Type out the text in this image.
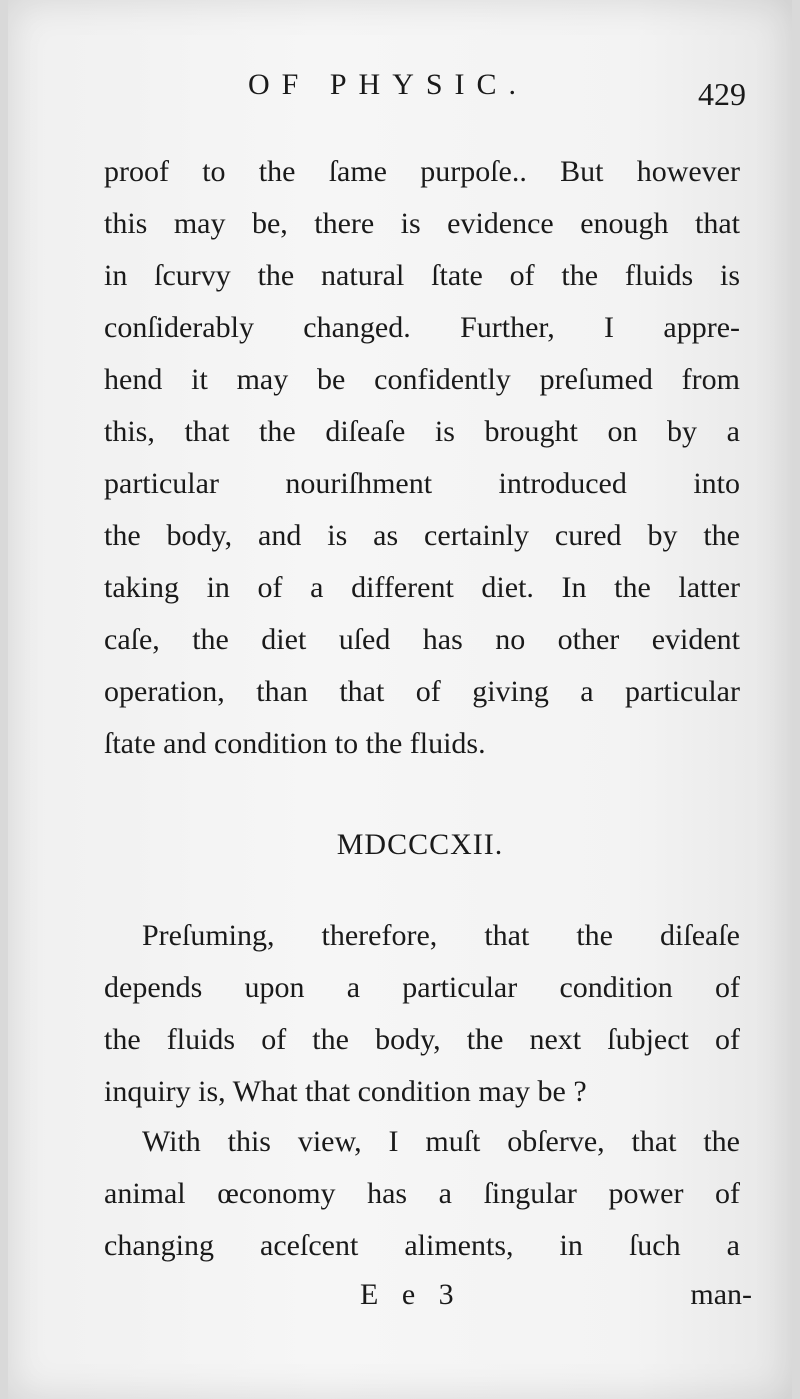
OF PHYSIC.	429
proof to the ſame purpoſe.. But however
this may be, there is evidence enough that
in ſcurvy the natural ſtate of the fluids is
conſiderably changed. Further, I appre-
hend it may be confidently preſumed from
this, that the diſeaſe is brought on by a
particular nouriſhment introduced into
the body, and is as certainly cured by the
taking in of a different diet. In the latter
caſe, the diet uſed has no other evident
operation, than that of giving a particular
ſtate and condition to the fluids.
MDCCCXII.
Preſuming, therefore, that the diſeaſe
depends upon a particular condition of
the fluids of the body, the next ſubject of
inquiry is, What that condition may be ?
With this view, I muſt obſerve, that the
animal œconomy has a ſingular power of
changing aceſcent aliments, in ſuch a
E e 3	man-
